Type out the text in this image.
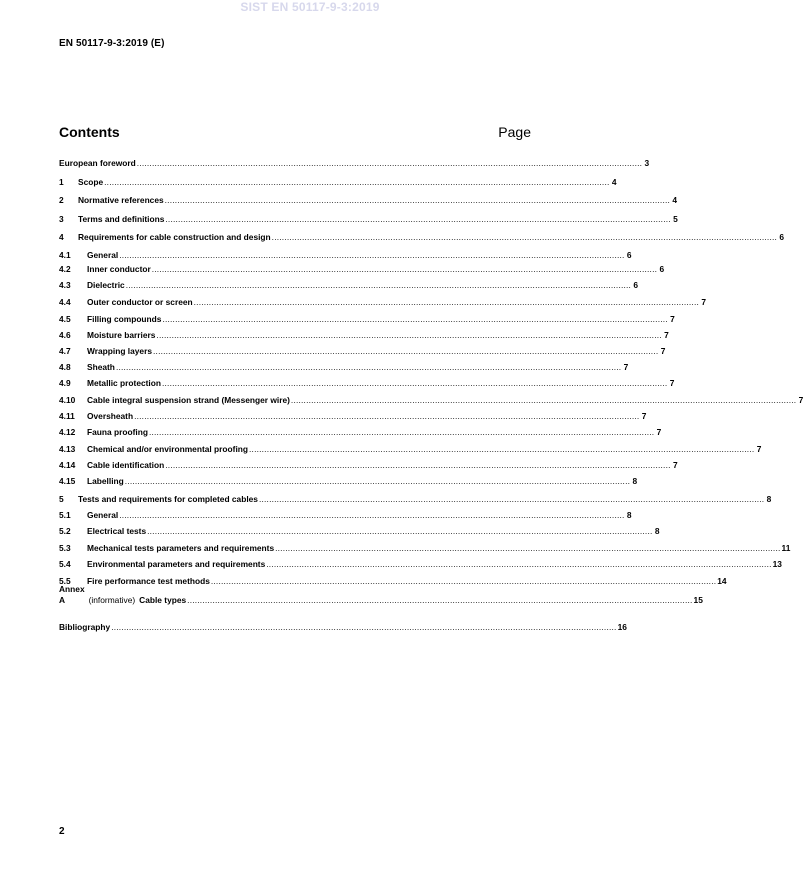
SIST EN 50117-9-3:2019
EN 50117-9-3:2019 (E)
Contents	Page
European foreword ........................................................................................................................................................................................................ 3
1	Scope ........................................................................................................................................................................................................ 4
2	Normative references ........................................................................................................................................................................................................ 4
3	Terms and definitions ........................................................................................................................................................................................................ 5
4	Requirements for cable construction and design ........................................................................................................................................................................................................ 6
4.1	General ........................................................................................................................................................................................................ 6
4.2	Inner conductor ........................................................................................................................................................................................................ 6
4.3	Dielectric ........................................................................................................................................................................................................ 6
4.4	Outer conductor or screen ........................................................................................................................................................................................................ 7
4.5	Filling compounds ........................................................................................................................................................................................................ 7
4.6	Moisture barriers ........................................................................................................................................................................................................ 7
4.7	Wrapping layers ........................................................................................................................................................................................................ 7
4.8	Sheath ........................................................................................................................................................................................................ 7
4.9	Metallic protection ........................................................................................................................................................................................................ 7
4.10	Cable integral suspension strand (Messenger wire) ........................................................................................................................................................................................................ 7
4.11	Oversheath ........................................................................................................................................................................................................ 7
4.12	Fauna proofing ........................................................................................................................................................................................................ 7
4.13	Chemical and/or environmental proofing ........................................................................................................................................................................................................ 7
4.14	Cable identification ........................................................................................................................................................................................................ 7
4.15	Labelling ........................................................................................................................................................................................................ 8
5	Tests and requirements for completed cables ........................................................................................................................................................................................................ 8
5.1	General ........................................................................................................................................................................................................ 8
5.2	Electrical tests ........................................................................................................................................................................................................ 8
5.3	Mechanical tests parameters and requirements ........................................................................................................................................................................................................ 11
5.4	Environmental parameters and requirements ........................................................................................................................................................................................................ 13
5.5	Fire performance test methods ........................................................................................................................................................................................................ 14
Annex A	(informative) Cable types ........................................................................................................................................................................................................ 15
Bibliography ........................................................................................................................................................................................................ 16
2
